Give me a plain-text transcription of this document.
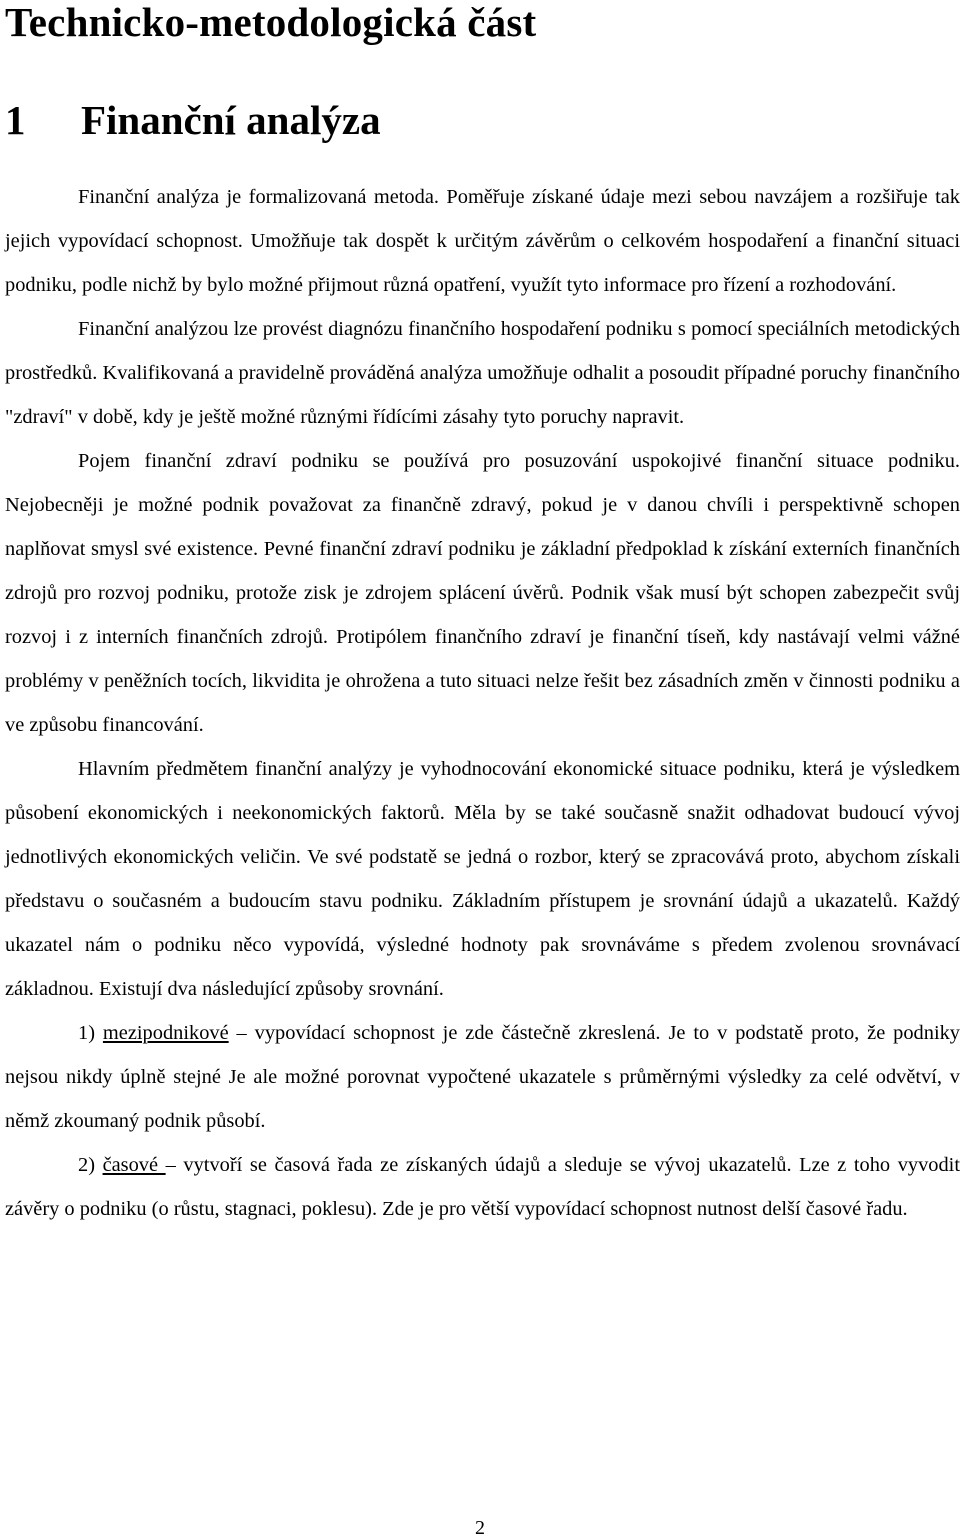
Technicko-metodologická část
1 Finanční analýza

Finanční analýza je formalizovaná metoda. Poměřuje získané údaje mezi sebou navzájem a rozšiřuje tak jejich vypovídací schopnost. Umožňuje tak dospět k určitým závěrům o celkovém hospodaření a finanční situaci podniku, podle nichž by bylo možné přijmout různá opatření, využít tyto informace pro řízení a rozhodování.

Finanční analýzou lze provést diagnózu finančního hospodaření podniku s pomocí speciálních metodických prostředků. Kvalifikovaná a pravidelně prováděná analýza umožňuje odhalit a posoudit případné poruchy finančního "zdraví" v době, kdy je ještě možné různými řídícími zásahy tyto poruchy napravit.

Pojem finanční zdraví podniku se používá pro posuzování uspokojivé finanční situace podniku. Nejobecněji je možné podnik považovat za finančně zdravý, pokud je v danou chvíli i perspektivně schopen naplňovat smysl své existence. Pevné finanční zdraví podniku je základní předpoklad k získání externích finančních zdrojů pro rozvoj podniku, protože zisk je zdrojem splácení úvěrů. Podnik však musí být schopen zabezpečit svůj rozvoj i z interních finančních zdrojů. Protipólem finančního zdraví je finanční tíseň, kdy nastávají velmi vážné problémy v peněžních tocích, likvidita je ohrožena a tuto situaci nelze řešit bez zásadních změn v činnosti podniku a ve způsobu financování.

Hlavním předmětem finanční analýzy je vyhodnocování ekonomické situace podniku, která je výsledkem působení ekonomických i neekonomických faktorů. Měla by se také současně snažit odhadovat budoucí vývoj jednotlivých ekonomických veličin. Ve své podstatě se jedná o rozbor, který se zpracovává proto, abychom získali představu o současném a budoucím stavu podniku. Základním přístupem je srovnání údajů a ukazatelů. Každý ukazatel nám o podniku něco vypovídá, výsledné hodnoty pak srovnáváme s předem zvolenou srovnávací základnou. Existují dva následující způsoby srovnání.

1) mezipodnikové – vypovídací schopnost je zde částečně zkreslená. Je to v podstatě proto, že podniky nejsou nikdy úplně stejné Je ale možné porovnat vypočtené ukazatele s průměrnými výsledky za celé odvětví, v němž zkoumaný podnik působí.

2) časové – vytvoří se časová řada ze získaných údajů a sleduje se vývoj ukazatelů. Lze z toho vyvodit závěry o podniku (o růstu, stagnaci, poklesu). Zde je pro větší vypovídací schopnost nutnost delší časové řadu.

2
